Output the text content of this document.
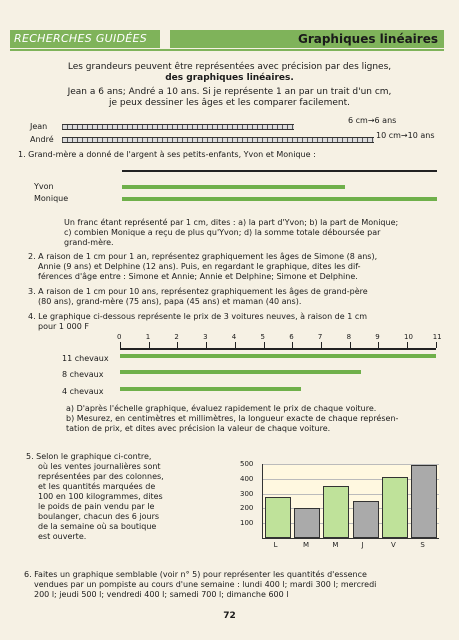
RECHERCHES GUIDÉES	Graphiques linéaires
Les grandeurs peuvent être représentées avec précision par des lignes,
des graphiques linéaires.
Jean a 6 ans; André a 10 ans. Si je représente 1 an par un trait d'un cm,
je peux dessiner les âges et les comparer facilement.
Jean
6 cm→6 ans
André	10 cm→10 ans
1. Grand-mère a donné de l'argent à ses petits-enfants, Yvon et Monique :
Yvon
Monique
Un franc étant représenté par 1 cm, dites : a) la part d'Yvon; b) la part de Monique;
c) combien Monique a reçu de plus qu'Yvon; d) la somme totale déboursée par
grand-mère.
2. A raison de 1 cm pour 1 an, représentez graphiquement les âges de Simone (8 ans),
Annie (9 ans) et Delphine (12 ans). Puis, en regardant le graphique, dites les dif-
férences d'âge entre : Simone et Annie; Annie et Delphine; Simone et Delphine.
3. A raison de 1 cm pour 10 ans, représentez graphiquement les âges de grand-père
(80 ans), grand-mère (75 ans), papa (45 ans) et maman (40 ans).
4. Le graphique ci-dessous représente le prix de 3 voitures neuves, à raison de 1 cm
pour 1 000 F
0	1	2	3	4	5	6	7	8	9	10	11
11 chevaux
8 chevaux
4 chevaux
a) D'après l'échelle graphique, évaluez rapidement le prix de chaque voiture.
b) Mesurez, en centimètres et millimètres, la longueur exacte de chaque représen-
tation de prix, et dites avec précision la valeur de chaque voiture.
5. Selon le graphique ci-contre,
où les ventes journalières sont
représentées par des colonnes,
et les quantités marquées de
100 en 100 kilogrammes, dites
le poids de pain vendu par le
boulanger, chacun des 6 jours
de la semaine où sa boutique
est ouverte.
500
400
300
200
100
L	M	M	J	V	S
6. Faites un graphique semblable (voir n° 5) pour représenter les quantités d'essence
vendues par un pompiste au cours d'une semaine : lundi 400 l; mardi 300 l; mercredi
200 l; jeudi 500 l; vendredi 400 l; samedi 700 l; dimanche 600 l
72
